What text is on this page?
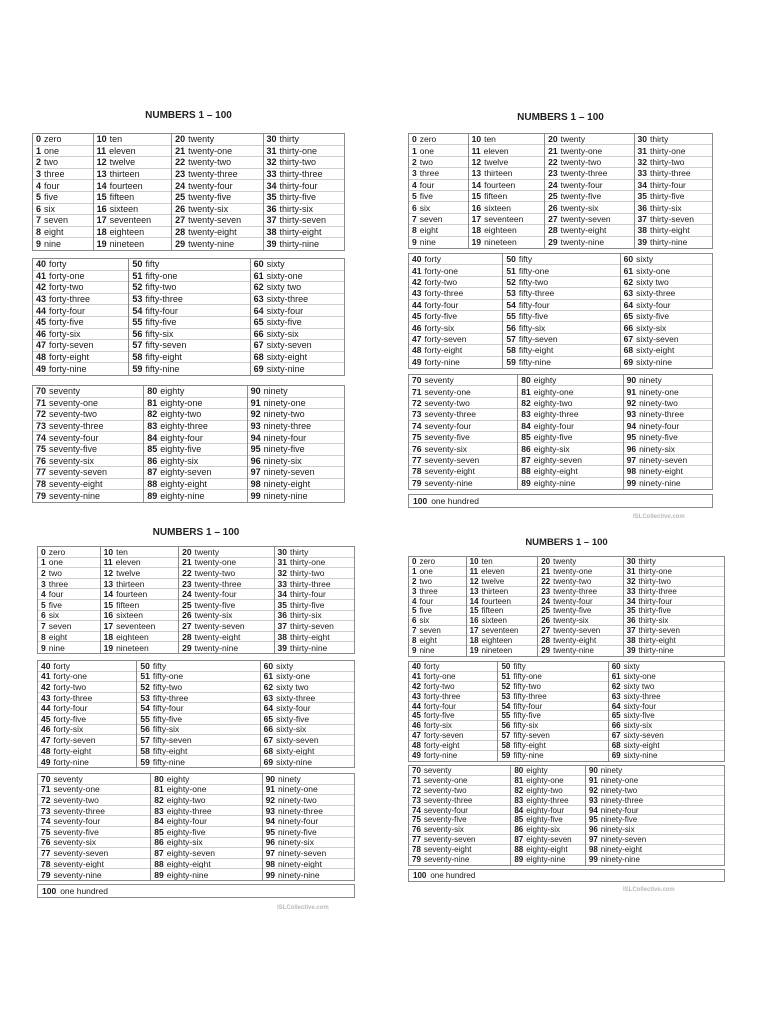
NUMBERS 1 – 100
0 zero
1 one
2 two
3 three
4 four
5 five
6 six
7 seven
8 eight
9 nine
10 ten
11 eleven
12 twelve
13 thirteen
14 fourteen
15 fifteen
16 sixteen
17 seventeen
18 eighteen
19 nineteen
20 twenty
21 twenty-one
22 twenty-two
23 twenty-three
24 twenty-four
25 twenty-five
26 twenty-six
27 twenty-seven
28 twenty-eight
29 twenty-nine
30 thirty
31 thirty-one
32 thirty-two
33 thirty-three
34 thirty-four
35 thirty-five
36 thirty-six
37 thirty-seven
38 thirty-eight
39 thirty-nine
40 forty
41 forty-one
42 forty-two
43 forty-three
44 forty-four
45 forty-five
46 forty-six
47 forty-seven
48 forty-eight
49 forty-nine
50 fifty
51 fifty-one
52 fifty-two
53 fifty-three
54 fifty-four
55 fifty-five
56 fifty-six
57 fifty-seven
58 fifty-eight
59 fifty-nine
60 sixty
61 sixty-one
62 sixty two
63 sixty-three
64 sixty-four
65 sixty-five
66 sixty-six
67 sixty-seven
68 sixty-eight
69 sixty-nine
70 seventy
71 seventy-one
72 seventy-two
73 seventy-three
74 seventy-four
75 seventy-five
76 seventy-six
77 seventy-seven
78 seventy-eight
79 seventy-nine
80 eighty
81 eighty-one
82 eighty-two
83 eighty-three
84 eighty-four
85 eighty-five
86 eighty-six
87 eighty-seven
88 eighty-eight
89 eighty-nine
90 ninety
91 ninety-one
92 ninety-two
93 ninety-three
94 ninety-four
95 ninety-five
96 ninety-six
97 ninety-seven
98 ninety-eight
99 ninety-nine
NUMBERS 1 – 100
0 zero
1 one
2 two
3 three
4 four
5 five
6 six
7 seven
8 eight
9 nine
10 ten
11 eleven
12 twelve
13 thirteen
14 fourteen
15 fifteen
16 sixteen
17 seventeen
18 eighteen
19 nineteen
20 twenty
21 twenty-one
22 twenty-two
23 twenty-three
24 twenty-four
25 twenty-five
26 twenty-six
27 twenty-seven
28 twenty-eight
29 twenty-nine
30 thirty
31 thirty-one
32 thirty-two
33 thirty-three
34 thirty-four
35 thirty-five
36 thirty-six
37 thirty-seven
38 thirty-eight
39 thirty-nine
40 forty
41 forty-one
42 forty-two
43 forty-three
44 forty-four
45 forty-five
46 forty-six
47 forty-seven
48 forty-eight
49 forty-nine
50 fifty
51 fifty-one
52 fifty-two
53 fifty-three
54 fifty-four
55 fifty-five
56 fifty-six
57 fifty-seven
58 fifty-eight
59 fifty-nine
60 sixty
61 sixty-one
62 sixty two
63 sixty-three
64 sixty-four
65 sixty-five
66 sixty-six
67 sixty-seven
68 sixty-eight
69 sixty-nine
70 seventy
71 seventy-one
72 seventy-two
73 seventy-three
74 seventy-four
75 seventy-five
76 seventy-six
77 seventy-seven
78 seventy-eight
79 seventy-nine
80 eighty
81 eighty-one
82 eighty-two
83 eighty-three
84 eighty-four
85 eighty-five
86 eighty-six
87 eighty-seven
88 eighty-eight
89 eighty-nine
90 ninety
91 ninety-one
92 ninety-two
93 ninety-three
94 ninety-four
95 ninety-five
96 ninety-six
97 ninety-seven
98 ninety-eight
99 ninety-nine
100 one hundred
ISLCollective.com
NUMBERS 1 – 100
0 zero
1 one
2 two
3 three
4 four
5 five
6 six
7 seven
8 eight
9 nine
10 ten
11 eleven
12 twelve
13 thirteen
14 fourteen
15 fifteen
16 sixteen
17 seventeen
18 eighteen
19 nineteen
20 twenty
21 twenty-one
22 twenty-two
23 twenty-three
24 twenty-four
25 twenty-five
26 twenty-six
27 twenty-seven
28 twenty-eight
29 twenty-nine
30 thirty
31 thirty-one
32 thirty-two
33 thirty-three
34 thirty-four
35 thirty-five
36 thirty-six
37 thirty-seven
38 thirty-eight
39 thirty-nine
40 forty
41 forty-one
42 forty-two
43 forty-three
44 forty-four
45 forty-five
46 forty-six
47 forty-seven
48 forty-eight
49 forty-nine
50 fifty
51 fifty-one
52 fifty-two
53 fifty-three
54 fifty-four
55 fifty-five
56 fifty-six
57 fifty-seven
58 fifty-eight
59 fifty-nine
60 sixty
61 sixty-one
62 sixty two
63 sixty-three
64 sixty-four
65 sixty-five
66 sixty-six
67 sixty-seven
68 sixty-eight
69 sixty-nine
70 seventy
71 seventy-one
72 seventy-two
73 seventy-three
74 seventy-four
75 seventy-five
76 seventy-six
77 seventy-seven
78 seventy-eight
79 seventy-nine
80 eighty
81 eighty-one
82 eighty-two
83 eighty-three
84 eighty-four
85 eighty-five
86 eighty-six
87 eighty-seven
88 eighty-eight
89 eighty-nine
90 ninety
91 ninety-one
92 ninety-two
93 ninety-three
94 ninety-four
95 ninety-five
96 ninety-six
97 ninety-seven
98 ninety-eight
99 ninety-nine
100 one hundred
ISLCollective.com
NUMBERS 1 – 100
0 zero
1 one
2 two
3 three
4 four
5 five
6 six
7 seven
8 eight
9 nine
10 ten
11 eleven
12 twelve
13 thirteen
14 fourteen
15 fifteen
16 sixteen
17 seventeen
18 eighteen
19 nineteen
20 twenty
21 twenty-one
22 twenty-two
23 twenty-three
24 twenty-four
25 twenty-five
26 twenty-six
27 twenty-seven
28 twenty-eight
29 twenty-nine
30 thirty
31 thirty-one
32 thirty-two
33 thirty-three
34 thirty-four
35 thirty-five
36 thirty-six
37 thirty-seven
38 thirty-eight
39 thirty-nine
40 forty
41 forty-one
42 forty-two
43 forty-three
44 forty-four
45 forty-five
46 forty-six
47 forty-seven
48 forty-eight
49 forty-nine
50 fifty
51 fifty-one
52 fifty-two
53 fifty-three
54 fifty-four
55 fifty-five
56 fifty-six
57 fifty-seven
58 fifty-eight
59 fifty-nine
60 sixty
61 sixty-one
62 sixty two
63 sixty-three
64 sixty-four
65 sixty-five
66 sixty-six
67 sixty-seven
68 sixty-eight
69 sixty-nine
70 seventy
71 seventy-one
72 seventy-two
73 seventy-three
74 seventy-four
75 seventy-five
76 seventy-six
77 seventy-seven
78 seventy-eight
79 seventy-nine
80 eighty
81 eighty-one
82 eighty-two
83 eighty-three
84 eighty-four
85 eighty-five
86 eighty-six
87 eighty-seven
88 eighty-eight
89 eighty-nine
90 ninety
91 ninety-one
92 ninety-two
93 ninety-three
94 ninety-four
95 ninety-five
96 ninety-six
97 ninety-seven
98 ninety-eight
99 ninety-nine
100 one hundred
ISLCollective.com
